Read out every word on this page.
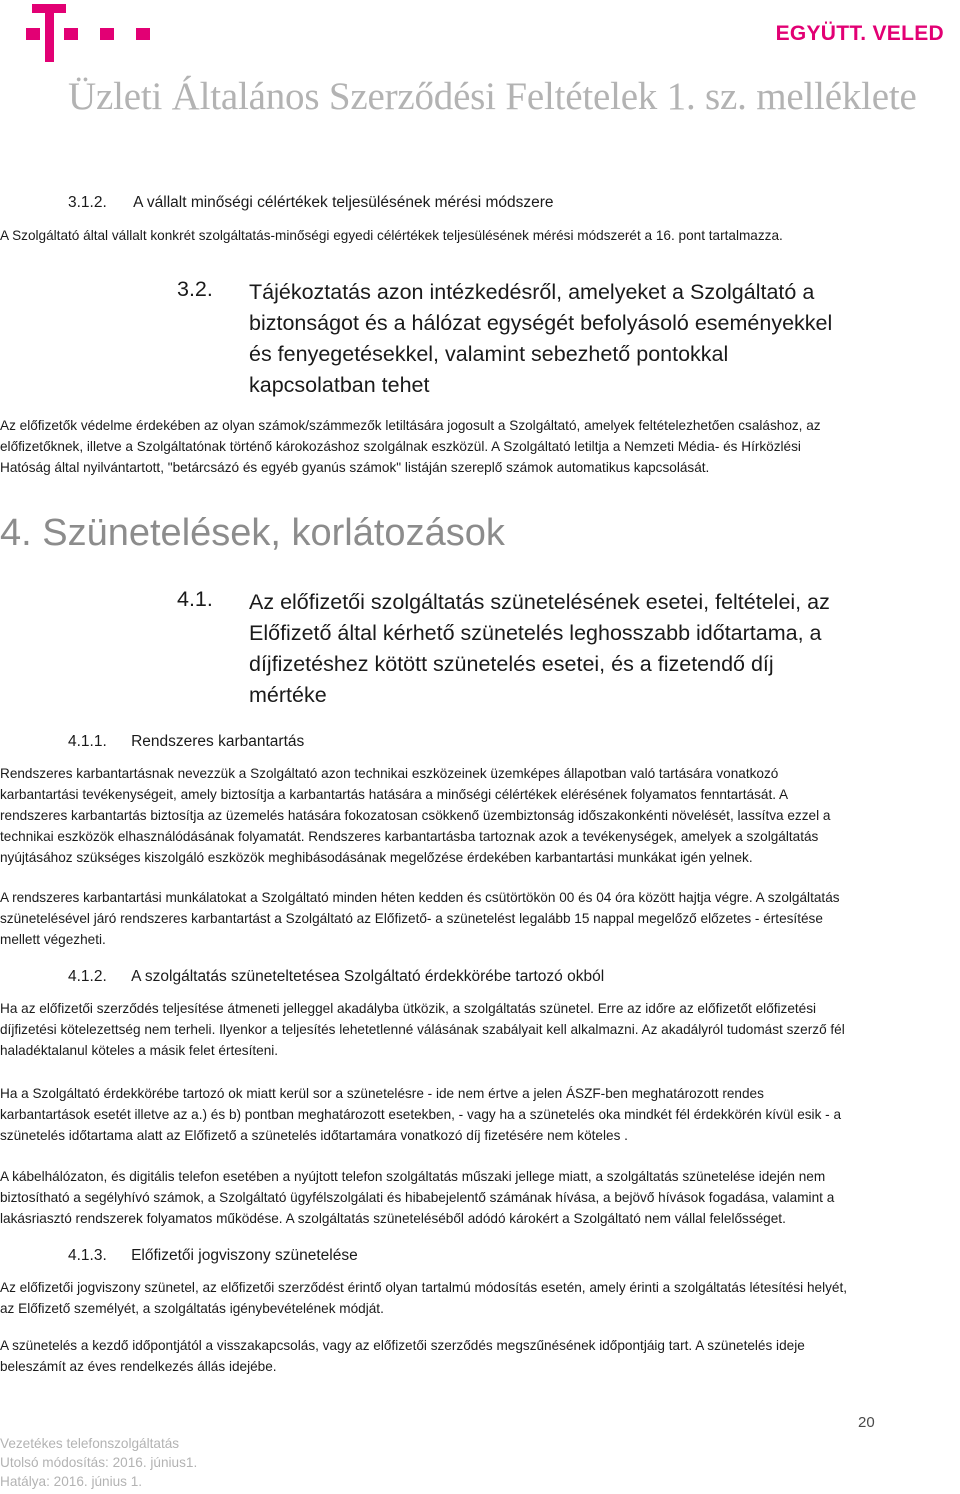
EGYÜTT. VELED
Üzleti Általános Szerződési Feltételek 1. sz. melléklete
3.1.2. A vállalt minőségi célértékek teljesülésének mérési módszere
A Szolgáltató által vállalt konkrét szolgáltatás-minőségi egyedi célértékek teljesülésének mérési módszerét a 16. pont tartalmazza.
3.2. Tájékoztatás azon intézkedésről, amelyeket a Szolgáltató a
biztonságot és a hálózat egységét befolyásoló eseményekkel
és fenyegetésekkel, valamint sebezhető pontokkal
kapcsolatban tehet

Az előfizetők védelme érdekében az olyan számok/számmezők letiltására jogosult a Szolgáltató, amelyek feltételezhetően csaláshoz, az

előfizetőknek, illetve a Szolgáltatónak történő károkozáshoz szolgálnak eszközül. A Szolgáltató letiltja a Nemzeti Média- és Hírközlési

Hatóság által nyilvántartott, "betárcsázó és egyéb gyanús számok" listáján szereplő számok automatikus kapcsolását.

4. Szünetelések, korlátozások
4.1. Az előfizetői szolgáltatás szünetelésének esetei, feltételei, az
Előfizető által kérhető szünetelés leghosszabb időtartama, a
díjfizetéshez kötött szünetelés esetei, és a fizetendő díj
mértéke
4.1.1. Rendszeres karbantartás

Rendszeres karbantartásnak nevezzük a Szolgáltató azon technikai eszközeinek üzemképes állapotban való tartására vonatkozó

karbantartási tevékenységeit, amely biztosítja a karbantartás hatására a minőségi célértékek elérésének folyamatos fenntartását. A

rendszeres karbantartás biztosítja az üzemelés hatására fokozatosan csökkenő üzembiztonság időszakonkénti növelését, lassítva ezzel a

technikai eszközök elhasználódásának folyamatát. Rendszeres karbantartásba tartoznak azok a tevékenységek, amelyek a szolgáltatás

nyújtásához szükséges kiszolgáló eszközök meghibásodásának megelőzése érdekében karbantartási munkákat igén yelnek.

A rendszeres karbantartási munkálatokat a Szolgáltató minden héten kedden és csütörtökön 00 és 04 óra között hajtja végre. A szolgáltatás

szünetelésével járó rendszeres karbantartást a Szolgáltató az Előfizető- a szünetelést legalább 15 nappal megelőző előzetes - értesítése

mellett végezheti.

4.1.2. A szolgáltatás szüneteltetésea Szolgáltató érdekkörébe tartozó okból

Ha az előfizetői szerződés teljesítése átmeneti jelleggel akadályba ütközik, a szolgáltatás szünetel. Erre az időre az előfizetőt előfizetési

díjfizetési kötelezettség nem terheli. Ilyenkor a teljesítés lehetetlenné válásának szabályait kell alkalmazni. Az akadályról tudomást szerző fél

haladéktalanul köteles a másik felet értesíteni.

Ha a Szolgáltató érdekkörébe tartozó ok miatt kerül sor a szünetelésre - ide nem értve a jelen ÁSZF-ben meghatározott rendes

karbantartások esetét illetve az a.) és b) pontban meghatározott esetekben, - vagy ha a szünetelés oka mindkét fél érdekkörén kívül esik - a

szünetelés időtartama alatt az Előfizető a szünetelés időtartamára vonatkozó díj fizetésére nem köteles .

A kábelhálózaton, és digitális telefon esetében a nyújtott telefon szolgáltatás műszaki jellege miatt, a szolgáltatás szünetelése idején nem

biztosítható a segélyhívó számok, a Szolgáltató ügyfélszolgálati és hibabejelentő számának hívása, a bejövő hívások fogadása, valamint a

lakásriasztó rendszerek folyamatos működése. A szolgáltatás szüneteléséből adódó károkért a Szolgáltató nem vállal felelősséget.

4.1.3. Előfizetői jogviszony szünetelése

Az előfizetői jogviszony szünetel, az előfizetői szerződést érintő olyan tartalmú módosítás esetén, amely érinti a szolgáltatás létesítési helyét,

az Előfizető személyét, a szolgáltatás igénybevételének módját.

A szünetelés a kezdő időpontjától a visszakapcsolás, vagy az előfizetői szerződés megszűnésének időpontjáig tart. A szünetelés ideje

beleszámít az éves rendelkezés állás idejébe.

20
Vezetékes telefonszolgáltatás
Utolsó módosítás: 2016. június1.
Hatálya: 2016. június 1.
